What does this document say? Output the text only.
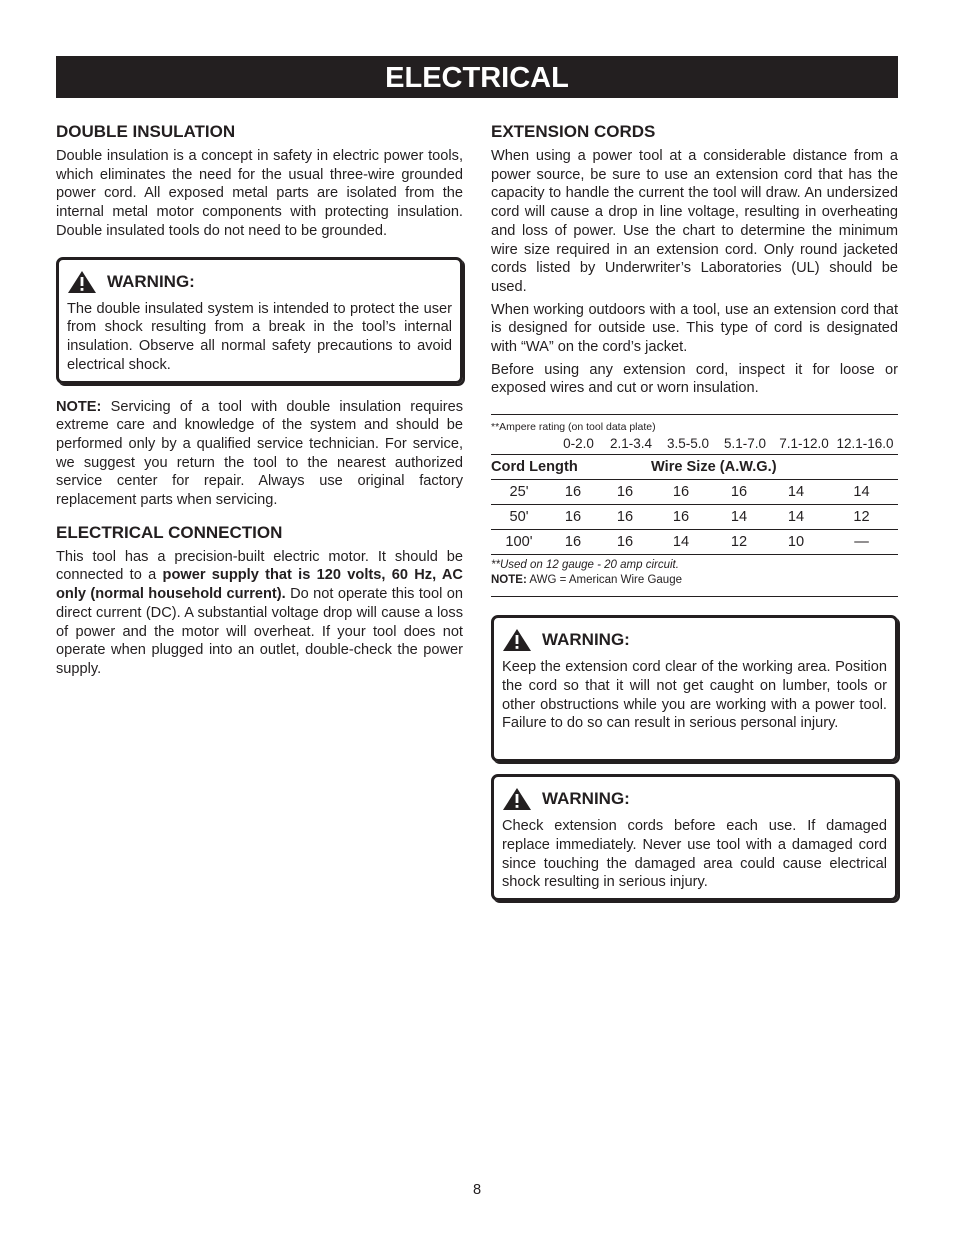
ELECTRICAL
DOUBLE INSULATION

Double insulation is a concept in safety in electric power tools, which eliminates the need for the usual three-wire grounded power cord. All exposed metal parts are isolated from the internal metal motor components with protecting insulation. Double insulated tools do not need to be grounded.

WARNING:

The double insulated system is intended to protect the user from shock resulting from a break in the tool’s internal insulation. Observe all normal safety precautions to avoid electrical shock.

NOTE: Servicing of a tool with double insulation requires extreme care and knowledge of the system and should be performed only by a qualified service technician. For service, we suggest you return the tool to the nearest authorized service center for repair. Always use original factory replacement parts when servicing.

ELECTRICAL CONNECTION

This tool has a precision-built electric motor. It should be connected to a power supply that is 120 volts, 60 Hz, AC only (normal household current). Do not operate this tool on direct current (DC). A substantial voltage drop will cause a loss of power and the motor will overheat. If your tool does not operate when plugged into an outlet, double-check the power supply.

EXTENSION CORDS

When using a power tool at a considerable distance from a power source, be sure to use an extension cord that has the capacity to handle the current the tool will draw. An undersized cord will cause a drop in line voltage, resulting in overheating and loss of power. Use the chart to determine the minimum wire size required in an extension cord. Only round jacketed cords listed by Underwriter’s Laboratories (UL) should be used.

When working outdoors with a tool, use an extension cord that is designed for outside use. This type of cord is designated with “WA” on the cord’s jacket.

Before using any extension cord, inspect it for loose or exposed wires and cut or worn insulation.

**Ampere rating (on tool data plate)
0-2.0	2.1-3.4	3.5-5.0	5.1-7.0 7.1-12.0 12.1-16.0
Cord Length			Wire Size (A.W.G.)			
25'	16	16	16	16	14	14
50'	16	16	16	14	14	12
100'	16	16	14	12	10	—
**Used on 12 gauge - 20 amp circuit.
NOTE: AWG = American Wire Gauge
WARNING:

Keep the extension cord clear of the working area. Position the cord so that it will not get caught on lumber, tools or other obstructions while you are working with a power tool. Failure to do so can result in serious personal injury.

WARNING:

Check extension cords before each use. If damaged replace immediately. Never use tool with a damaged cord since touching the damaged area could cause electrical shock resulting in serious injury.

8
